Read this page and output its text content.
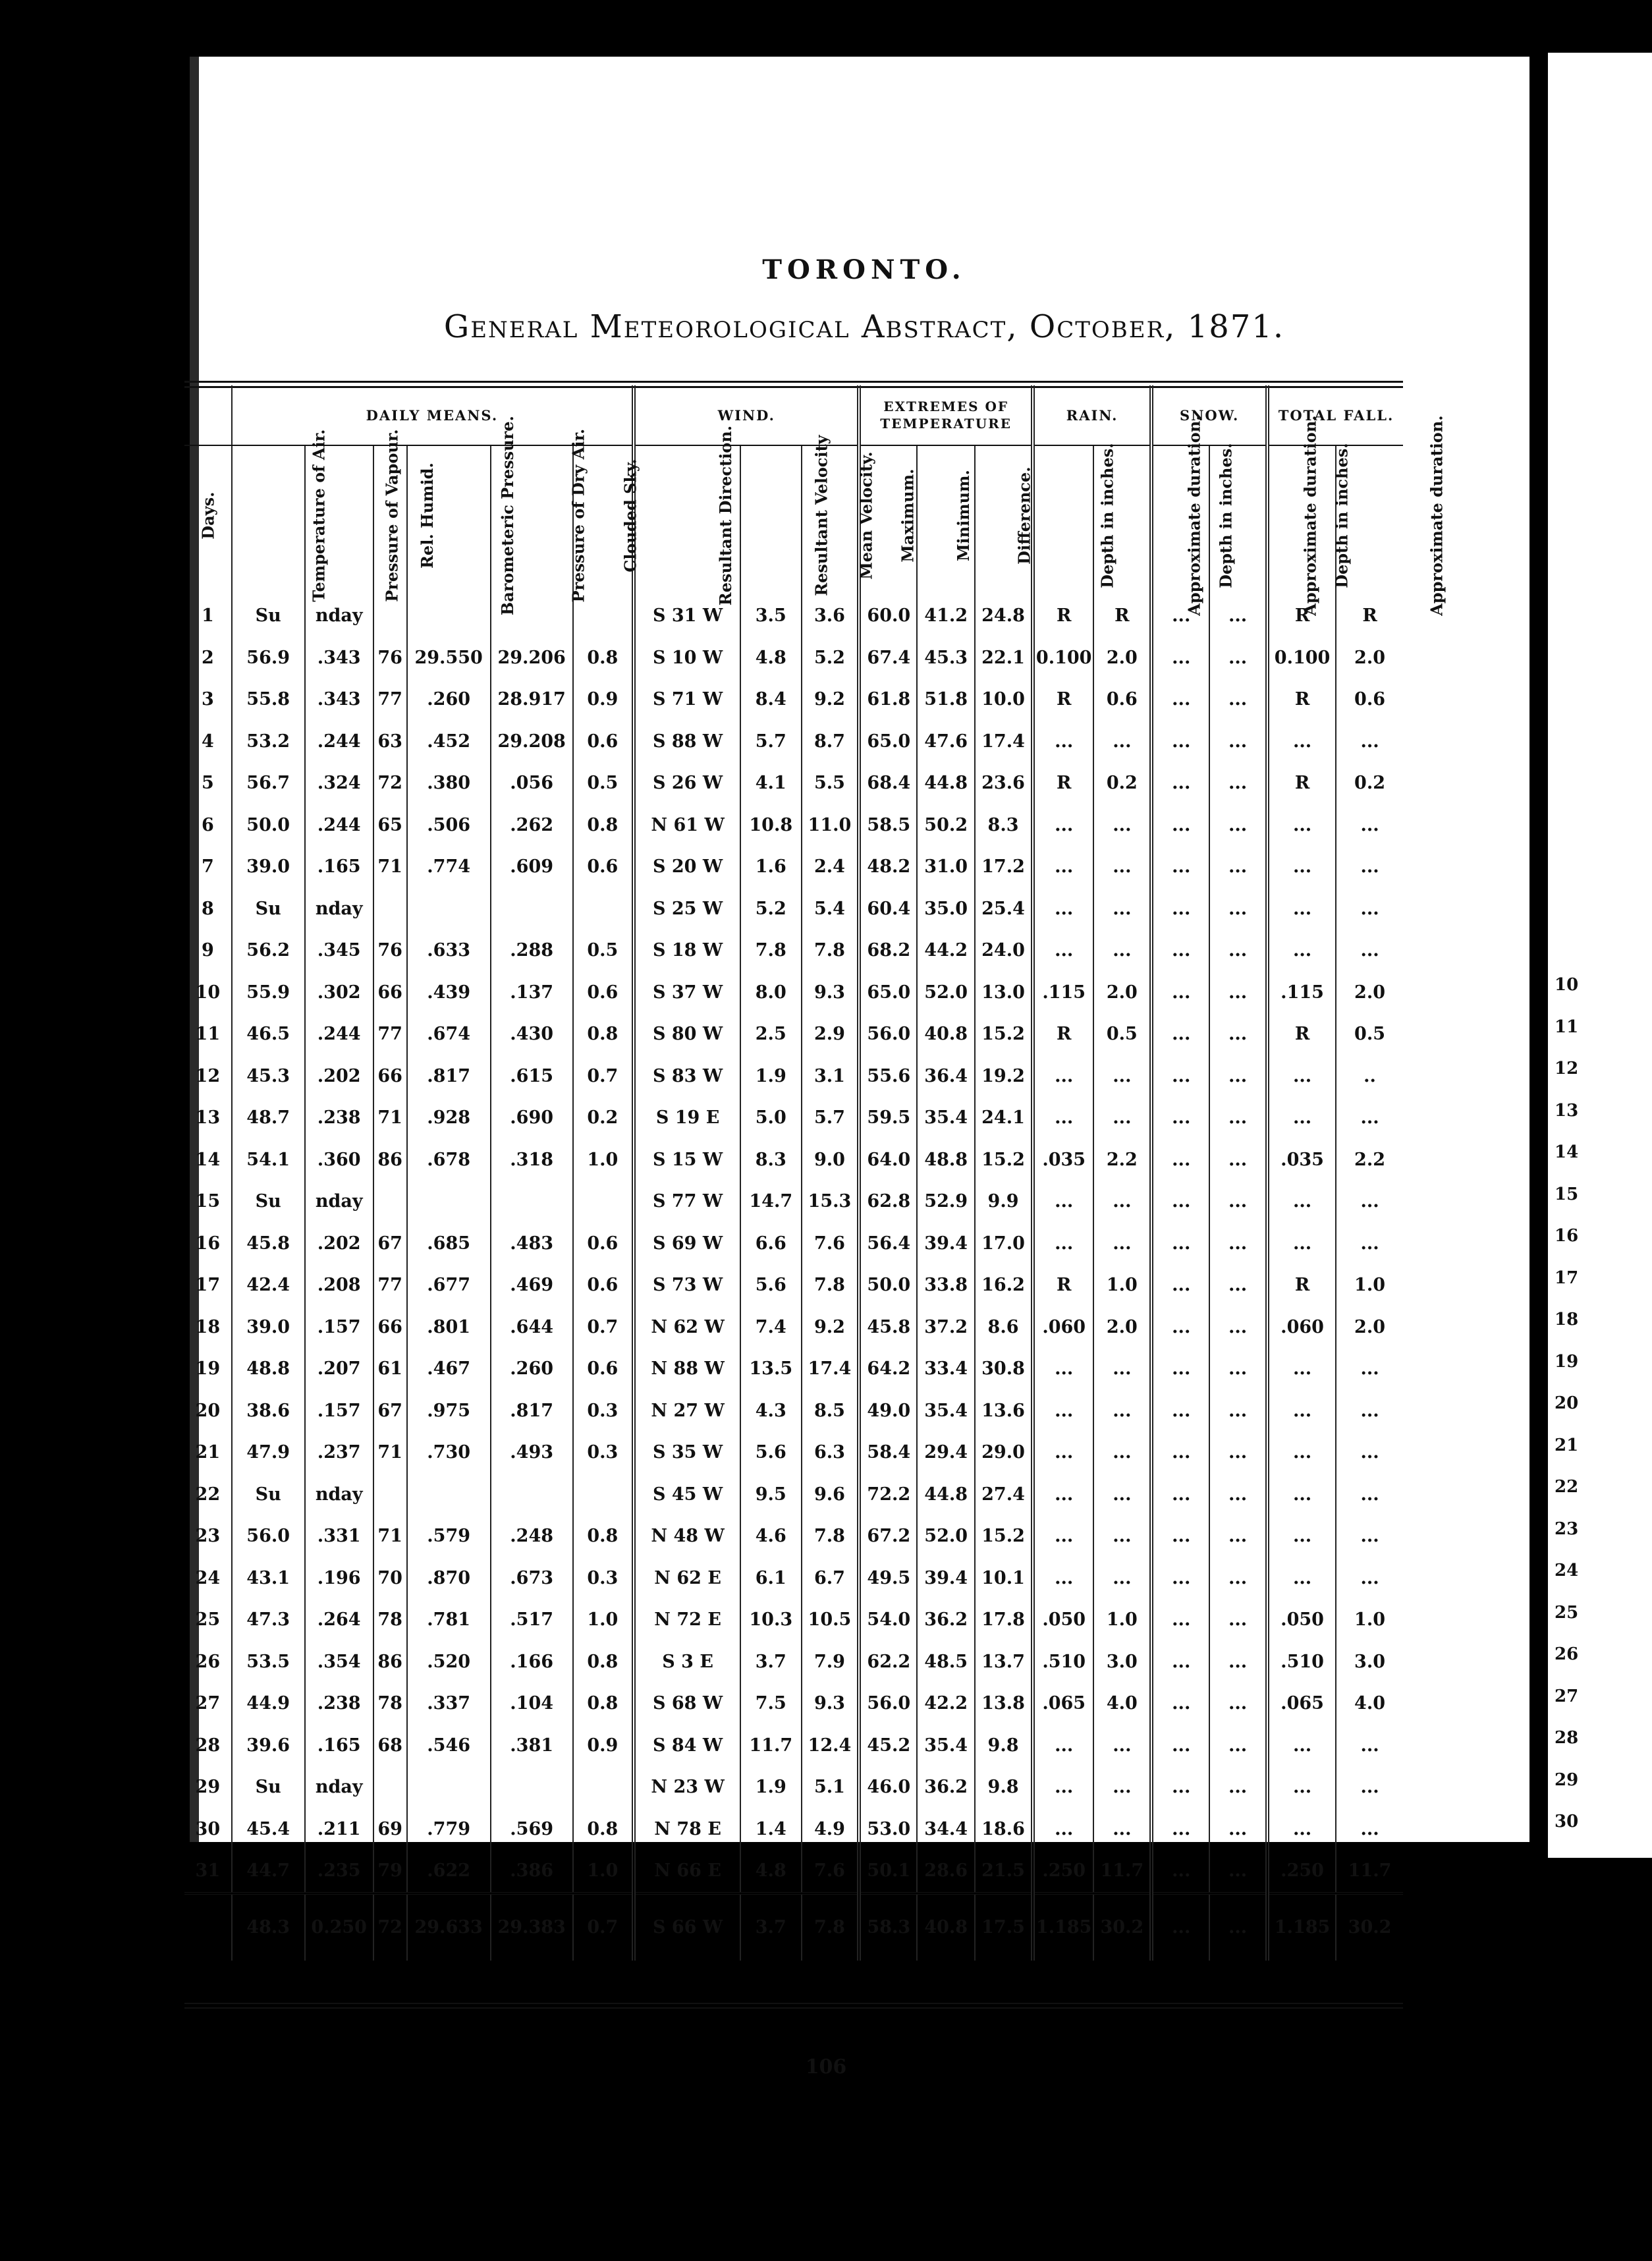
TORONTO.
General Meteorological Abstract, October, 1871.
10
11
12
13
14
15
16
17
18
19
20
21
22
23
24
25
26
27
28
29
30
	DAILY MEANS.						WIND.			EXTREMES OF TEMPERATURE			RAIN.		SNOW.		TOTAL FALL.	
Days.	Temperature of Air.	Pressure of Vapour.	Rel. Humid.	Barometeric Pressure.	Pressure of Dry Air.	Clouded Sky.	Resultant Direction.	Resultant Velocity	Mean Velocity.	Maximum.	Minimum.	Difference.	Depth in inches.	Approximate duration.	Depth in inches.	Approximate duration.	Depth in inches.	Approximate duration.
1	Su	nday					S 31 W	3.5	3.6	60.0	41.2	24.8	R	R	...	...	R	R
2	56.9	.343	76	29.550	29.206	0.8	S 10 W	4.8	5.2	67.4	45.3	22.1	0.100	2.0	...	...	0.100	2.0
3	55.8	.343	77	.260	28.917	0.9	S 71 W	8.4	9.2	61.8	51.8	10.0	R	0.6	...	...	R	0.6
4	53.2	.244	63	.452	29.208	0.6	S 88 W	5.7	8.7	65.0	47.6	17.4	...	...	...	...	...	...
5	56.7	.324	72	.380	.056	0.5	S 26 W	4.1	5.5	68.4	44.8	23.6	R	0.2	...	...	R	0.2
6	50.0	.244	65	.506	.262	0.8	N 61 W	10.8	11.0	58.5	50.2	8.3	...	...	...	...	...	...
7	39.0	.165	71	.774	.609	0.6	S 20 W	1.6	2.4	48.2	31.0	17.2	...	...	...	...	...	...
8	Su	nday					S 25 W	5.2	5.4	60.4	35.0	25.4	...	...	...	...	...	...
9	56.2	.345	76	.633	.288	0.5	S 18 W	7.8	7.8	68.2	44.2	24.0	...	...	...	...	...	...
10	55.9	.302	66	.439	.137	0.6	S 37 W	8.0	9.3	65.0	52.0	13.0	.115	2.0	...	...	.115	2.0
11	46.5	.244	77	.674	.430	0.8	S 80 W	2.5	2.9	56.0	40.8	15.2	R	0.5	...	...	R	0.5
12	45.3	.202	66	.817	.615	0.7	S 83 W	1.9	3.1	55.6	36.4	19.2	...	...	...	...	...	..
13	48.7	.238	71	.928	.690	0.2	S 19 E	5.0	5.7	59.5	35.4	24.1	...	...	...	...	...	...
14	54.1	.360	86	.678	.318	1.0	S 15 W	8.3	9.0	64.0	48.8	15.2	.035	2.2	...	...	.035	2.2
15	Su	nday					S 77 W	14.7	15.3	62.8	52.9	9.9	...	...	...	...	...	...
16	45.8	.202	67	.685	.483	0.6	S 69 W	6.6	7.6	56.4	39.4	17.0	...	...	...	...	...	...
17	42.4	.208	77	.677	.469	0.6	S 73 W	5.6	7.8	50.0	33.8	16.2	R	1.0	...	...	R	1.0
18	39.0	.157	66	.801	.644	0.7	N 62 W	7.4	9.2	45.8	37.2	8.6	.060	2.0	...	...	.060	2.0
19	48.8	.207	61	.467	.260	0.6	N 88 W	13.5	17.4	64.2	33.4	30.8	...	...	...	...	...	...
20	38.6	.157	67	.975	.817	0.3	N 27 W	4.3	8.5	49.0	35.4	13.6	...	...	...	...	...	...
21	47.9	.237	71	.730	.493	0.3	S 35 W	5.6	6.3	58.4	29.4	29.0	...	...	...	...	...	...
22	Su	nday					S 45 W	9.5	9.6	72.2	44.8	27.4	...	...	...	...	...	...
23	56.0	.331	71	.579	.248	0.8	N 48 W	4.6	7.8	67.2	52.0	15.2	...	...	...	...	...	...
24	43.1	.196	70	.870	.673	0.3	N 62 E	6.1	6.7	49.5	39.4	10.1	...	...	...	...	...	...
25	47.3	.264	78	.781	.517	1.0	N 72 E	10.3	10.5	54.0	36.2	17.8	.050	1.0	...	...	.050	1.0
26	53.5	.354	86	.520	.166	0.8	S 3 E	3.7	7.9	62.2	48.5	13.7	.510	3.0	...	...	.510	3.0
27	44.9	.238	78	.337	.104	0.8	S 68 W	7.5	9.3	56.0	42.2	13.8	.065	4.0	...	...	.065	4.0
28	39.6	.165	68	.546	.381	0.9	S 84 W	11.7	12.4	45.2	35.4	9.8	...	...	...	...	...	...
29	Su	nday					N 23 W	1.9	5.1	46.0	36.2	9.8	...	...	...	...	...	...
30	45.4	.211	69	.779	.569	0.8	N 78 E	1.4	4.9	53.0	34.4	18.6	...	...	...	...	...	...
31	44.7	.235	79	.622	.386	1.0	N 66 E	4.8	7.6	50.1	28.6	21.5	.250	11.7	...	...	.250	11.7
	48.3	0.250	72	29.633	29.383	0.7	S 66 W	3.7	7.8	58.3	40.8	17.5	1.185	30.2	...	...	1.185	30.2
106
